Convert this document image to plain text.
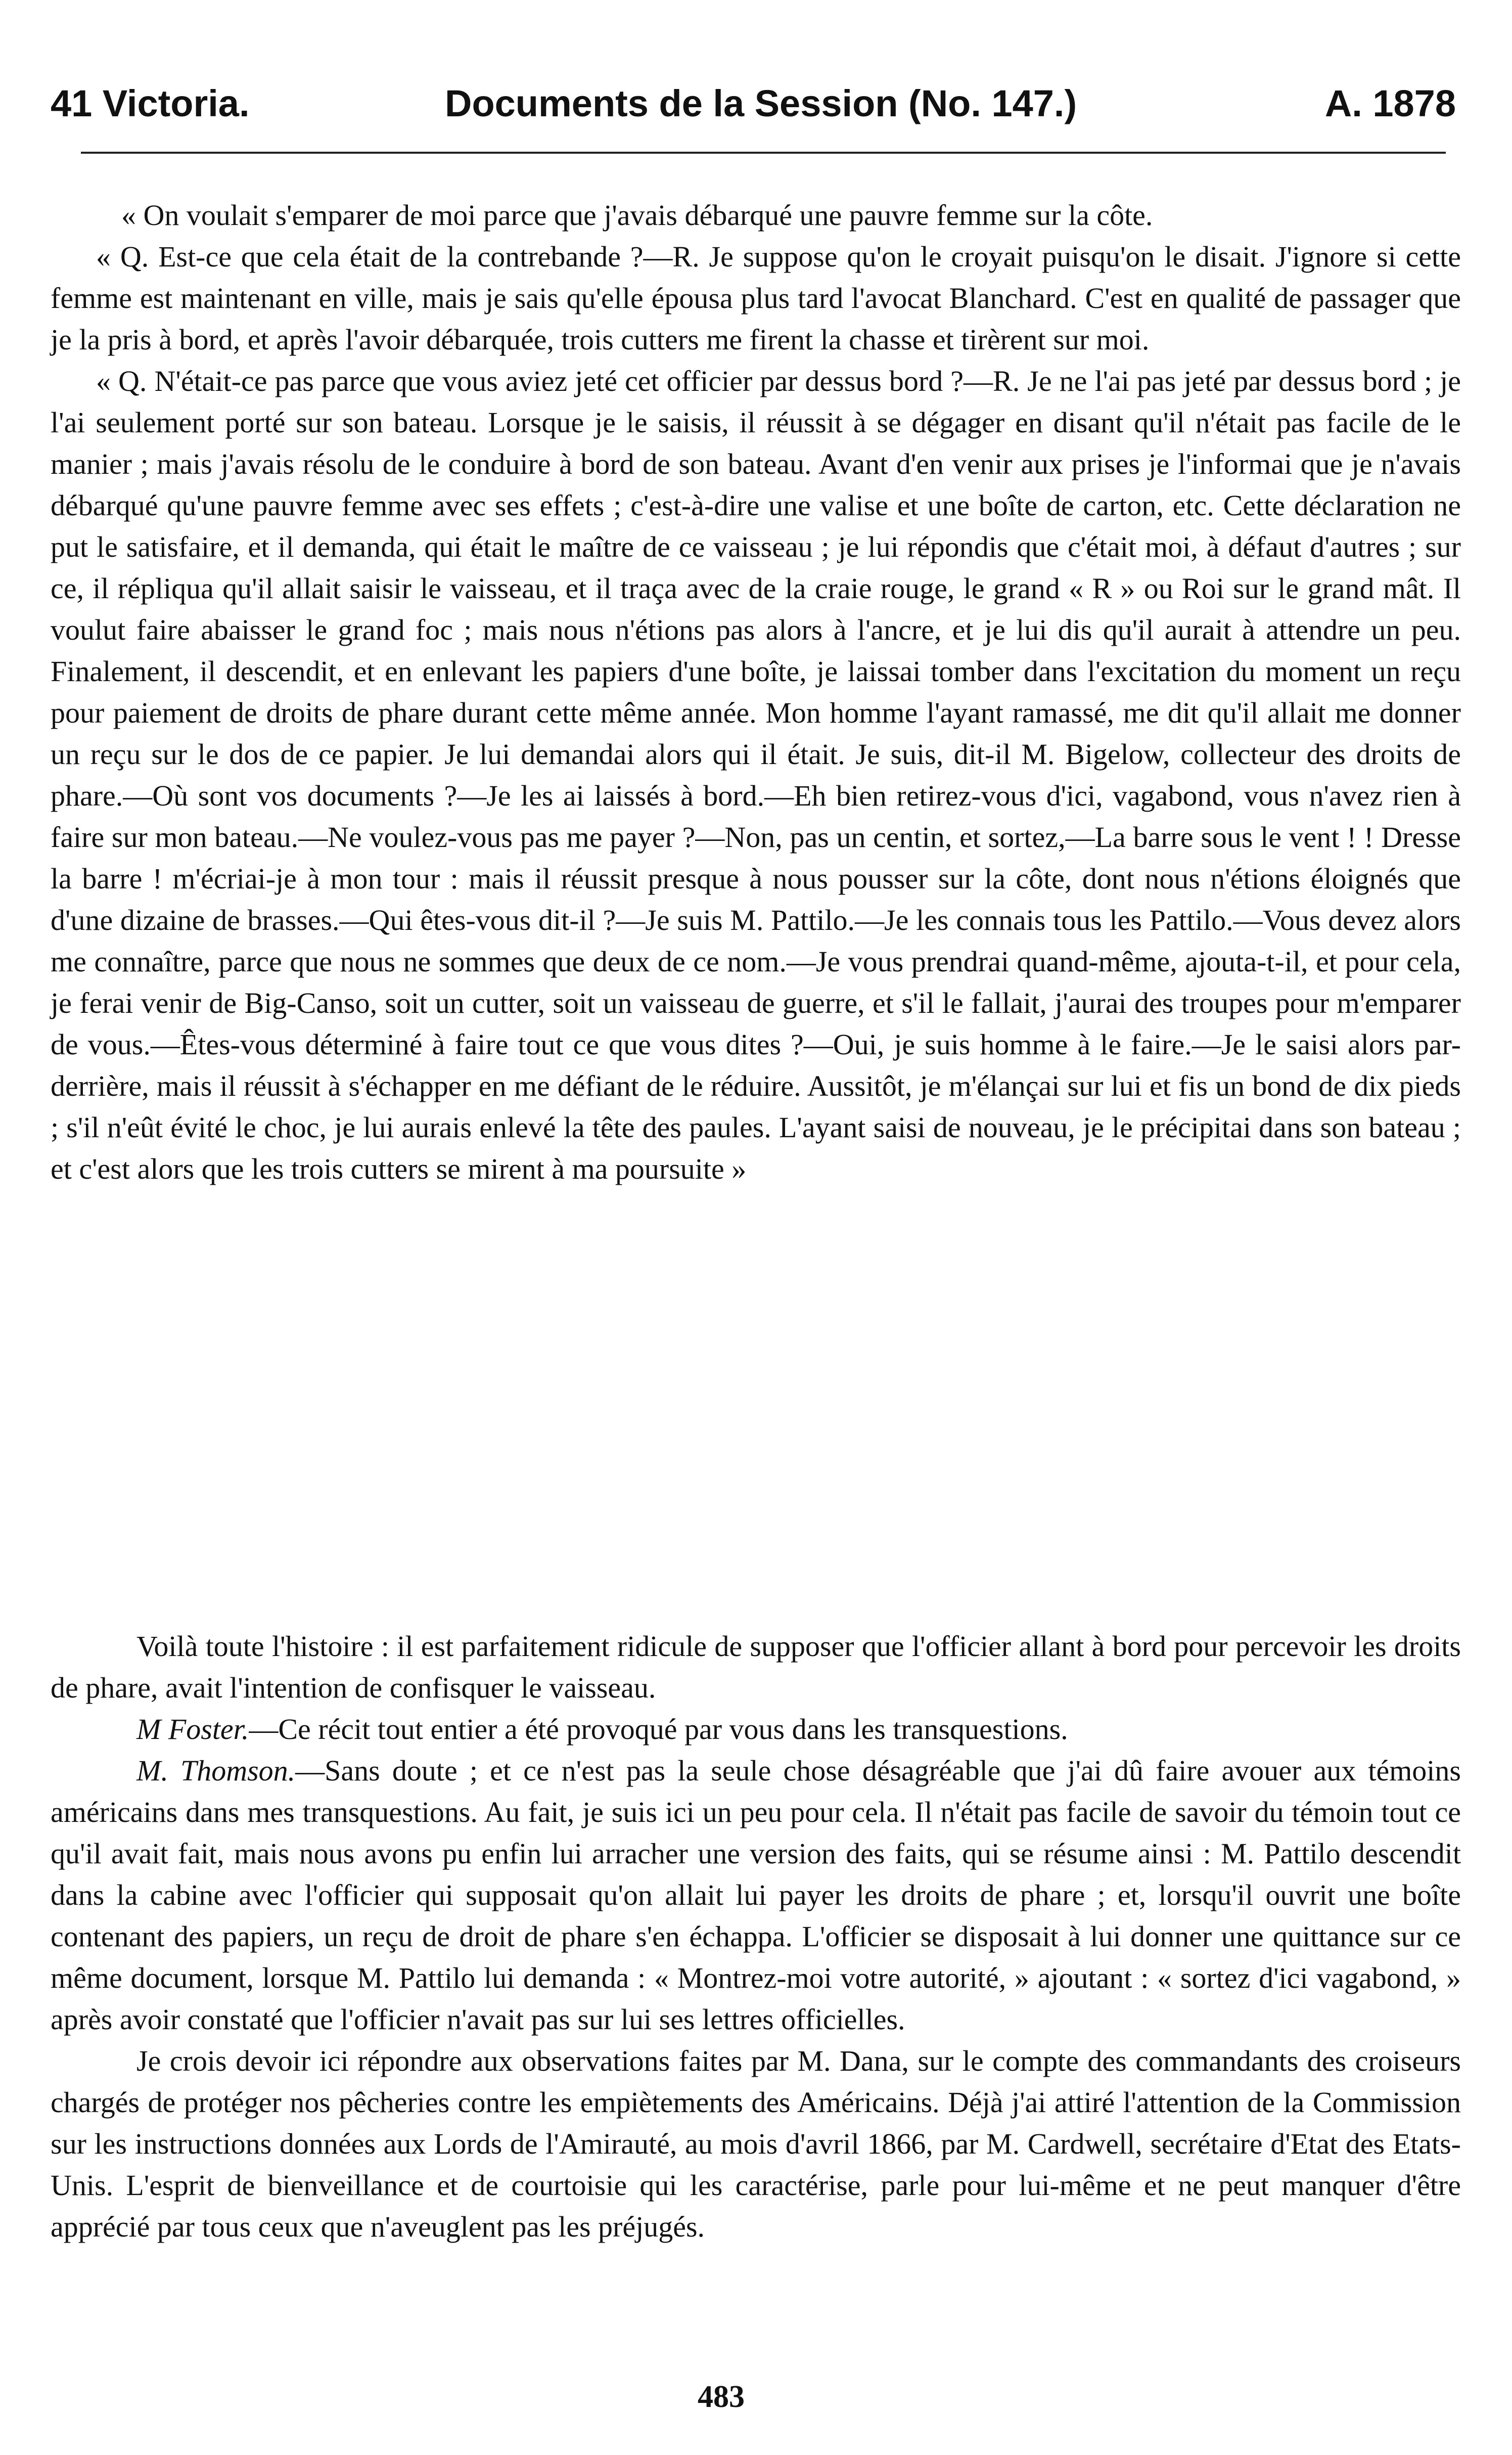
41 Victoria.	Documents de la Session (No. 147.)	A. 1878

« On voulait s'emparer de moi parce que j'avais débarqué une pauvre femme sur la côte.

« Q. Est-ce que cela était de la contrebande ?—R. Je suppose qu'on le croyait puisqu'on le disait. J'ignore si cette femme est maintenant en ville, mais je sais qu'elle épousa plus tard l'avocat Blanchard. C'est en qualité de passager que je la pris à bord, et après l'avoir débarquée, trois cutters me firent la chasse et tirèrent sur moi.

« Q. N'était-ce pas parce que vous aviez jeté cet officier par dessus bord ?—R. Je ne l'ai pas jeté par dessus bord ; je l'ai seulement porté sur son bateau. Lorsque je le saisis, il réussit à se dégager en disant qu'il n'était pas facile de le manier ; mais j'avais résolu de le conduire à bord de son bateau. Avant d'en venir aux prises je l'informai que je n'avais débarqué qu'une pauvre femme avec ses effets ; c'est-à-dire une valise et une boîte de carton, etc. Cette déclaration ne put le satisfaire, et il demanda, qui était le maître de ce vaisseau ; je lui répondis que c'était moi, à défaut d'autres ; sur ce, il répliqua qu'il allait saisir le vaisseau, et il traça avec de la craie rouge, le grand « R » ou Roi sur le grand mât. Il voulut faire abaisser le grand foc ; mais nous n'étions pas alors à l'ancre, et je lui dis qu'il aurait à attendre un peu. Finalement, il descendit, et en enlevant les papiers d'une boîte, je laissai tomber dans l'excitation du moment un reçu pour paiement de droits de phare durant cette même année. Mon homme l'ayant ramassé, me dit qu'il allait me donner un reçu sur le dos de ce papier. Je lui demandai alors qui il était. Je suis, dit-il M. Bigelow, collecteur des droits de phare.—Où sont vos documents ?—Je les ai laissés à bord.—Eh bien retirez-vous d'ici, vagabond, vous n'avez rien à faire sur mon bateau.—Ne voulez-vous pas me payer ?—Non, pas un centin, et sortez,—La barre sous le vent ! ! Dresse la barre ! m'écriai-je à mon tour : mais il réussit presque à nous pousser sur la côte, dont nous n'étions éloignés que d'une dizaine de brasses.—Qui êtes-vous dit-il ?—Je suis M. Pattilo.—Je les connais tous les Pattilo.—Vous devez alors me connaître, parce que nous ne sommes que deux de ce nom.—Je vous prendrai quand-même, ajouta-t-il, et pour cela, je ferai venir de Big-Canso, soit un cutter, soit un vaisseau de guerre, et s'il le fallait, j'aurai des troupes pour m'emparer de vous.—Êtes-vous déterminé à faire tout ce que vous dites ?—Oui, je suis homme à le faire.—Je le saisi alors par-derrière, mais il réussit à s'échapper en me défiant de le réduire. Aussitôt, je m'élançai sur lui et fis un bond de dix pieds ; s'il n'eût évité le choc, je lui aurais enlevé la tête des paules. L'ayant saisi de nouveau, je le précipitai dans son bateau ; et c'est alors que les trois cutters se mirent à ma poursuite »

Voilà toute l'histoire : il est parfaitement ridicule de supposer que l'officier allant à bord pour percevoir les droits de phare, avait l'intention de confisquer le vaisseau.

M Foster.—Ce récit tout entier a été provoqué par vous dans les transquestions.

M. Thomson.—Sans doute ; et ce n'est pas la seule chose désagréable que j'ai dû faire avouer aux témoins américains dans mes transquestions. Au fait, je suis ici un peu pour cela. Il n'était pas facile de savoir du témoin tout ce qu'il avait fait, mais nous avons pu enfin lui arracher une version des faits, qui se résume ainsi : M. Pattilo descendit dans la cabine avec l'officier qui supposait qu'on allait lui payer les droits de phare ; et, lorsqu'il ouvrit une boîte contenant des papiers, un reçu de droit de phare s'en échappa. L'officier se disposait à lui donner une quittance sur ce même document, lorsque M. Pattilo lui demanda : « Montrez-moi votre autorité, » ajoutant : « sortez d'ici vagabond, » après avoir constaté que l'officier n'avait pas sur lui ses lettres officielles.

Je crois devoir ici répondre aux observations faites par M. Dana, sur le compte des commandants des croiseurs chargés de protéger nos pêcheries contre les empiètements des Américains. Déjà j'ai attiré l'attention de la Commission sur les instructions données aux Lords de l'Amirauté, au mois d'avril 1866, par M. Cardwell, secrétaire d'Etat des Etats-Unis. L'esprit de bienveillance et de courtoisie qui les caractérise, parle pour lui-même et ne peut manquer d'être apprécié par tous ceux que n'aveuglent pas les préjugés.

483
